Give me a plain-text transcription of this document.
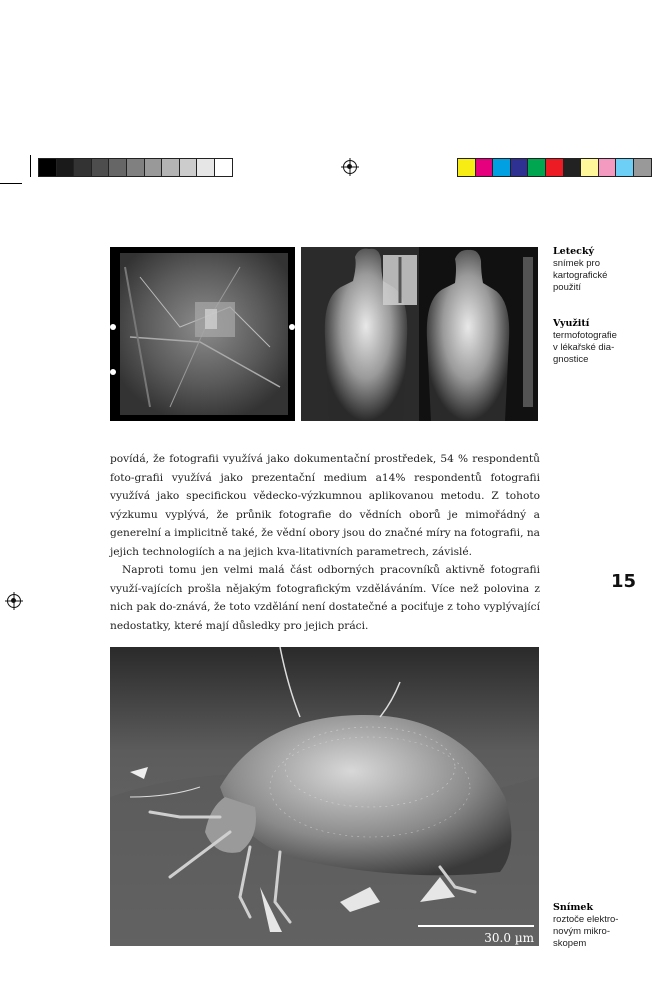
Letecký
snímek pro
kartografické
použití
Využití
termofotografie
v lékařské dia-
gnostice

povídá, že fotografii využívá jako dokumentační prostředek, 54 % respondentů foto-grafii využívá jako prezentační medium a14% respondentů fotografii využívá jako specifickou vědecko-výzkumnou aplikovanou metodu. Z tohoto výzkumu vyplývá, že průnik fotografie do vědních oborů je mimořádný a generelní a implicitně také, že vědní obory jsou do značné míry na fotografii, na jejich technologiích a na jejich kva-litativních parametrech, závislé.

Naproti tomu jen velmi malá část odborných pracovníků aktivně fotografii využí-vajících prošla nějakým fotografickým vzděláváním. Více než polovina z nich pak do-znává, že toto vzdělání není dostatečné a pociťuje z toho vyplývající nedostatky, které mají důsledky pro jejich práci.

15
30.0 µm
Snímek
roztoče elektro-
novým mikro-
skopem
